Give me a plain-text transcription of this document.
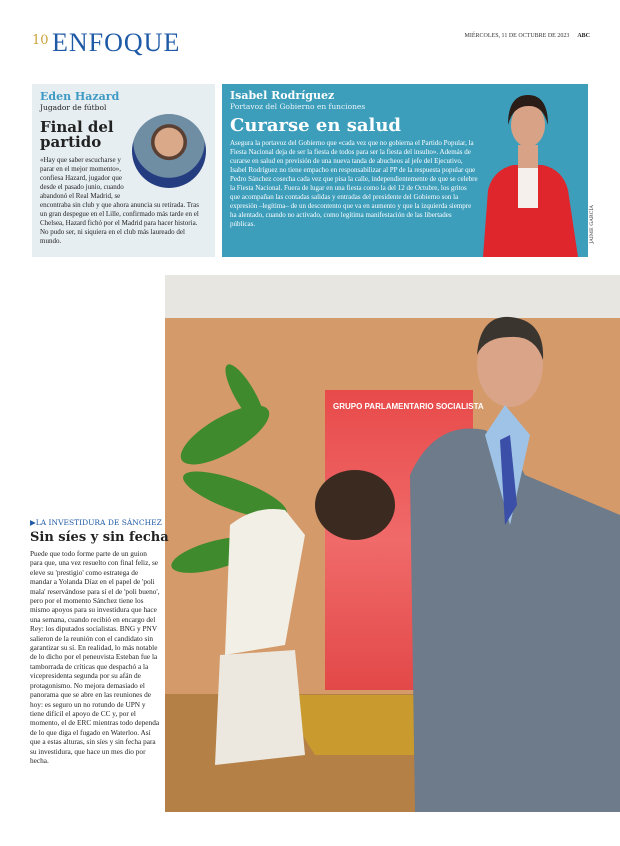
10 ENFOQUE	MIÉRCOLES, 11 DE OCTUBRE DE 2023 ABC
Eden Hazard
Jugador de fútbol
Final del partido
«Hay que saber escucharse y parar en el mejor momento», confiesa Hazard, jugador que desde el pasado junio, cuando abandonó el Real Madrid, se encontraba sin club y que ahora anuncia su retirada. Tras un gran despegue en el Lille, confirmado más tarde en el Chelsea, Hazard fichó por el Madrid para hacer historia. No pudo ser, ni siquiera en el club más laureado del mundo.
Isabel Rodríguez
Portavoz del Gobierno en funciones
Curarse en salud
Asegura la portavoz del Gobierno que «cada vez que no gobierna el Partido Popular, la Fiesta Nacional deja de ser la fiesta de todos para ser la fiesta del insulto». Además de curarse en salud en previsión de una nueva tanda de abucheos al jefe del Ejecutivo, Isabel Rodríguez no tiene empacho en responsabilizar al PP de la respuesta popular que Pedro Sánchez cosecha cada vez que pisa la calle, independientemente de que se celebre la Fiesta Nacional. Fuera de lugar en una fiesta como la del 12 de Octubre, los gritos que acompañan las contadas salidas y entradas del presidente del Gobierno son la expresión –legítima– de un descontento que va en aumento y que la izquierda siempre ha alentado, cuando no activado, como legítima manifestación de las libertades públicas.	JAIME GARCÍA
GRUPO PARLAMENTARIO SOCIALISTA
▶LA INVESTIDURA DE SÁNCHEZ
Sin síes y sin fecha
Puede que todo forme parte de un guion para que, una vez resuelto con final feliz, se eleve su 'prestigio' como estratega de mandar a Yolanda Díaz en el papel de 'poli mala' reservándose para sí el de 'poli bueno', pero por el momento Sánchez tiene los mismo apoyos para su investidura que hace una semana, cuando recibió en encargo del Rey: los diputados socialistas. BNG y PNV salieron de la reunión con el candidato sin garantizar su sí. En realidad, lo más notable de lo dicho por el peneuvista Esteban fue la tamborrada de críticas que despachó a la vicepresidenta segunda por su afán de protagonismo. No mejora demasiado el panorama que se abre en las reuniones de hoy: es seguro un no rotundo de UPN y tiene difícil el apoyo de CC y, por el momento, el de ERC mientras todo dependa de lo que diga el fugado en Waterloo. Así que a estas alturas, sin síes y sin fecha para su investidura, que hace un mes dio por hecha.
